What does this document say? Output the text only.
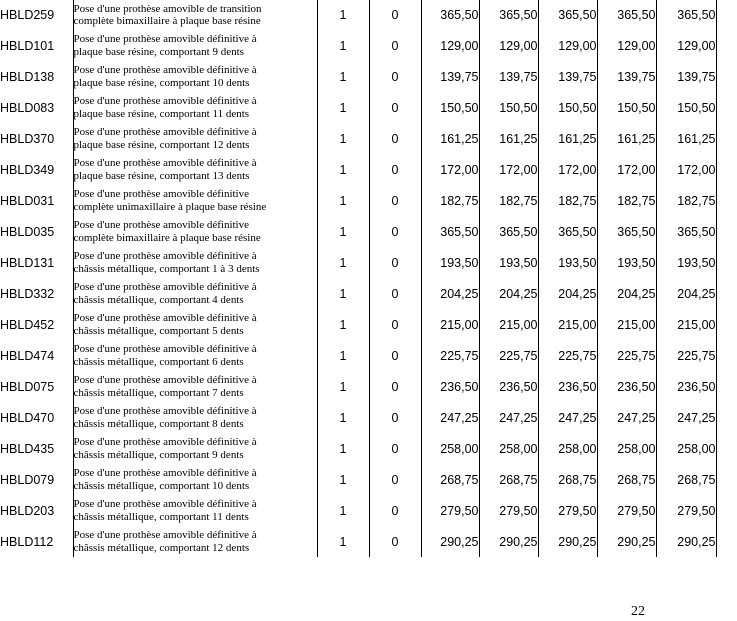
HBLD259	Pose d'une prothèse amovible de transition
complète bimaxillaire à plaque base résine	1	0	365,50	365,50	365,50	365,50	365,50
HBLD101	Pose d'une prothèse amovible définitive à
plaque base résine, comportant 9 dents	1	0	129,00	129,00	129,00	129,00	129,00
HBLD138	Pose d'une prothèse amovible définitive à
plaque base résine, comportant 10 dents	1	0	139,75	139,75	139,75	139,75	139,75
HBLD083	Pose d'une prothèse amovible définitive à
plaque base résine, comportant 11 dents	1	0	150,50	150,50	150,50	150,50	150,50
HBLD370	Pose d'une prothèse amovible définitive à
plaque base résine, comportant 12 dents	1	0	161,25	161,25	161,25	161,25	161,25
HBLD349	Pose d'une prothèse amovible définitive à
plaque base résine, comportant 13 dents	1	0	172,00	172,00	172,00	172,00	172,00
HBLD031	Pose d'une prothèse amovible définitive
complète unimaxillaire à plaque base résine	1	0	182,75	182,75	182,75	182,75	182,75
HBLD035	Pose d'une prothèse amovible définitive
complète bimaxillaire à plaque base résine	1	0	365,50	365,50	365,50	365,50	365,50
HBLD131	Pose d'une prothèse amovible définitive à
châssis métallique, comportant 1 à 3 dents	1	0	193,50	193,50	193,50	193,50	193,50
HBLD332	Pose d'une prothèse amovible définitive à
châssis métallique, comportant 4 dents	1	0	204,25	204,25	204,25	204,25	204,25
HBLD452	Pose d'une prothèse amovible définitive à
châssis métallique, comportant 5 dents	1	0	215,00	215,00	215,00	215,00	215,00
HBLD474	Pose d'une prothèse amovible définitive à
châssis métallique, comportant 6 dents	1	0	225,75	225,75	225,75	225,75	225,75
HBLD075	Pose d'une prothèse amovible définitive à
châssis métallique, comportant 7 dents	1	0	236,50	236,50	236,50	236,50	236,50
HBLD470	Pose d'une prothèse amovible définitive à
châssis métallique, comportant 8 dents	1	0	247,25	247,25	247,25	247,25	247,25
HBLD435	Pose d'une prothèse amovible définitive à
châssis métallique, comportant 9 dents	1	0	258,00	258,00	258,00	258,00	258,00
HBLD079	Pose d'une prothèse amovible définitive à
châssis métallique, comportant 10 dents	1	0	268,75	268,75	268,75	268,75	268,75
HBLD203	Pose d'une prothèse amovible définitive à
châssis métallique, comportant 11 dents	1	0	279,50	279,50	279,50	279,50	279,50
HBLD112	Pose d'une prothèse amovible définitive à
châssis métallique, comportant 12 dents	1	0	290,25	290,25	290,25	290,25	290,25
22
